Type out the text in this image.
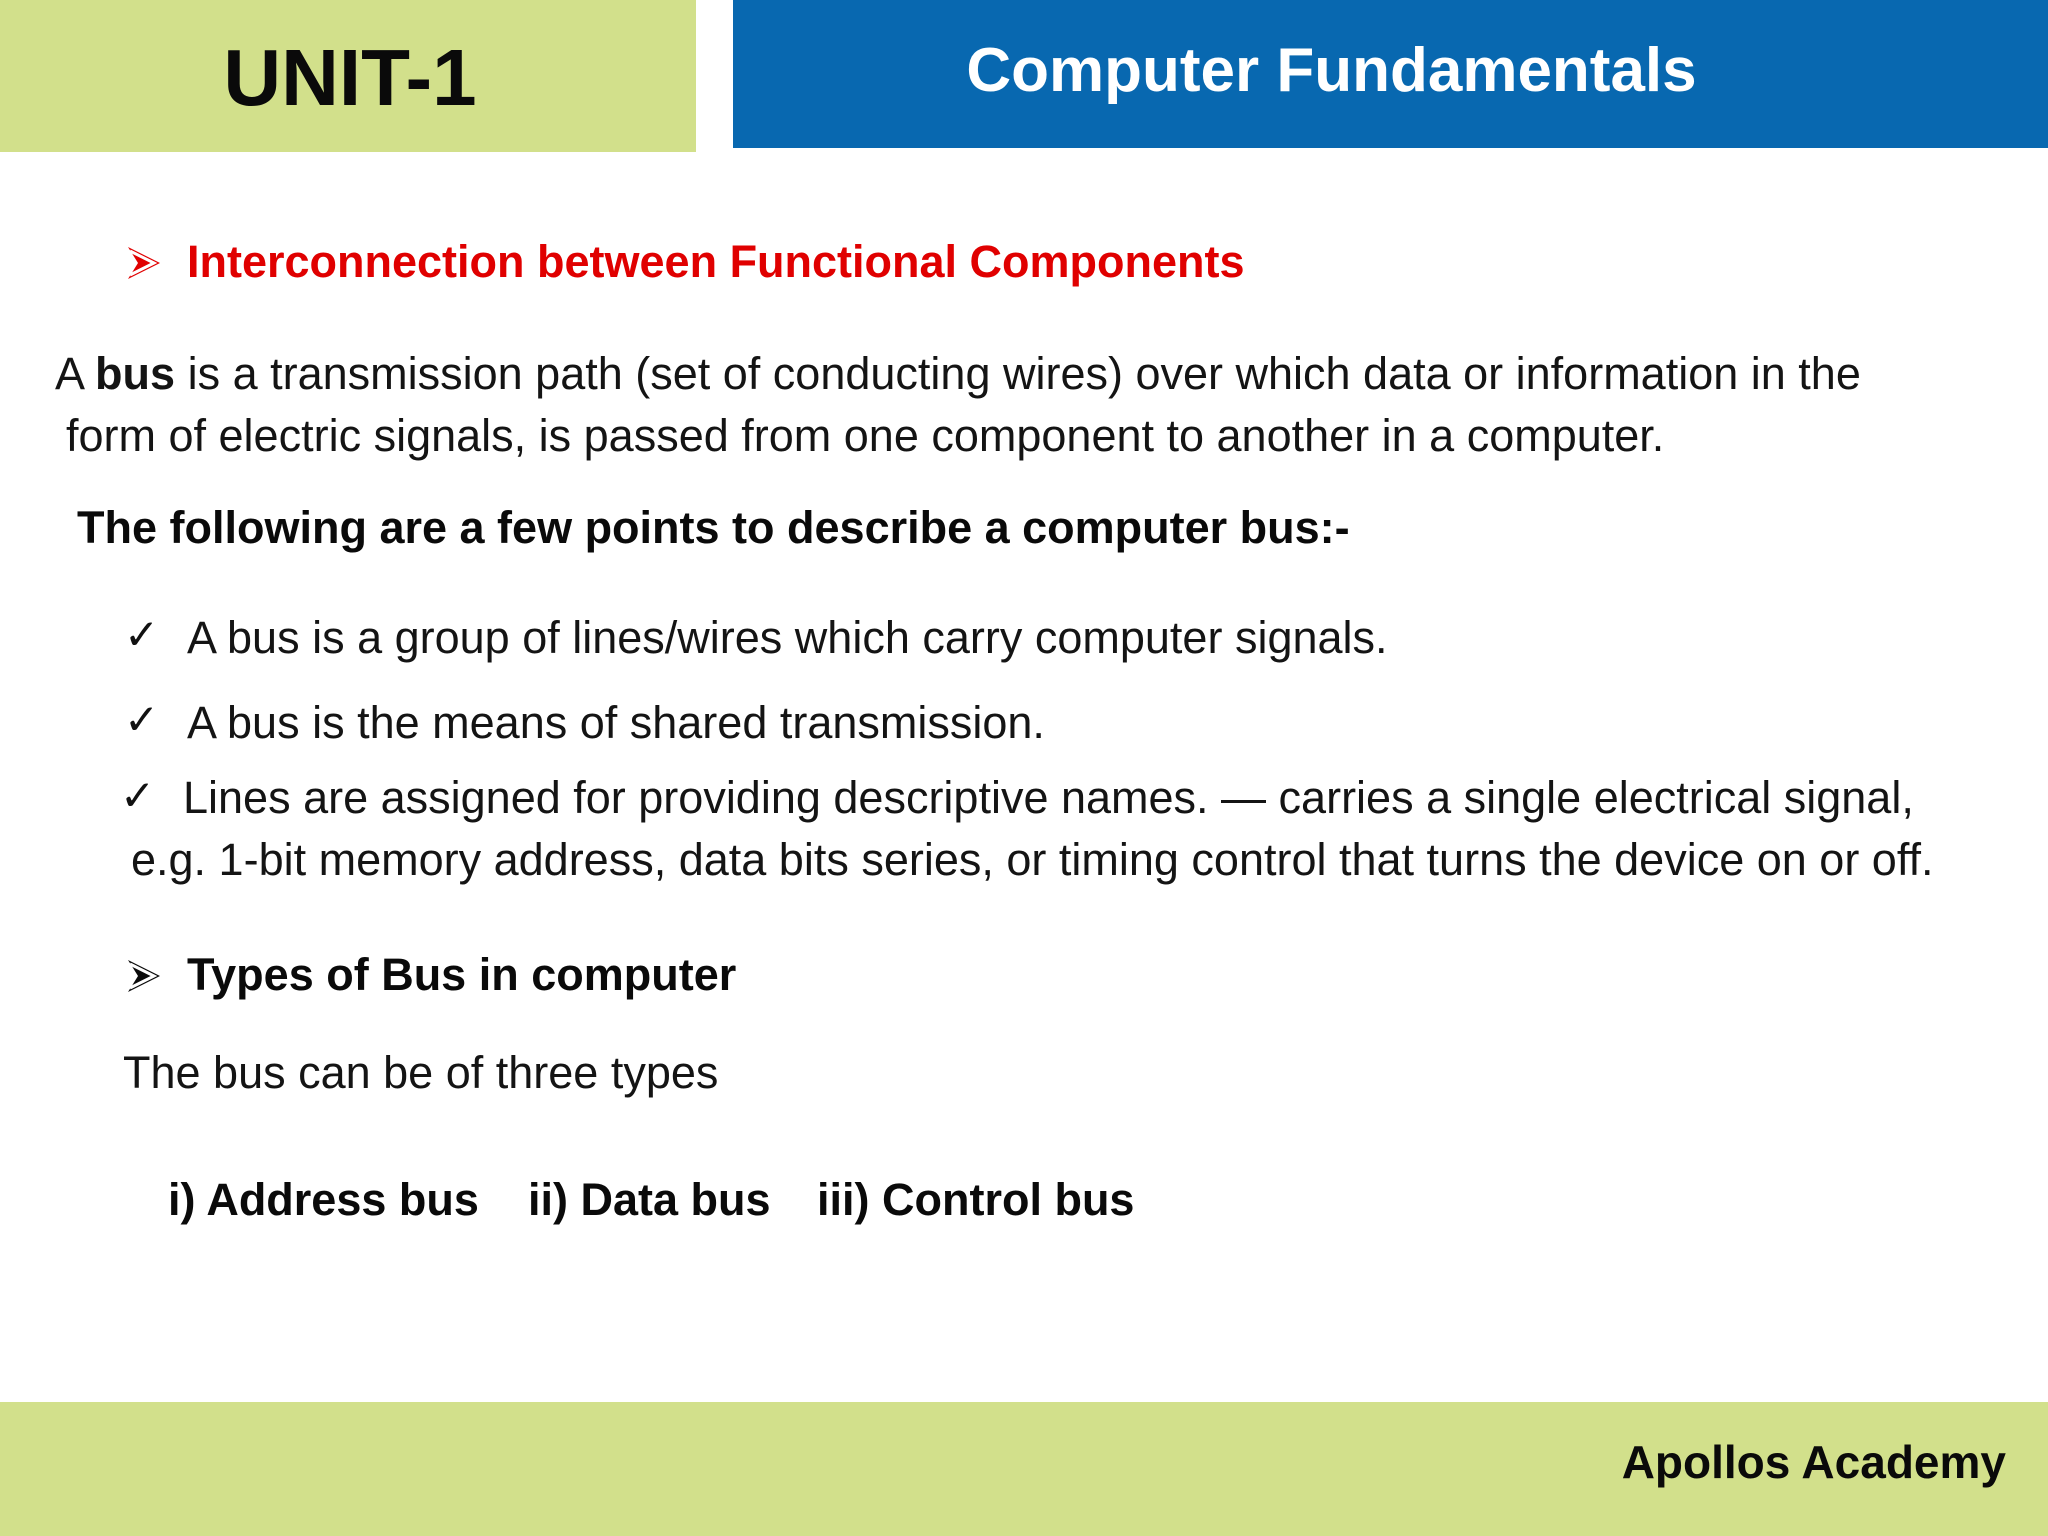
UNIT-1	Computer Fundamentals
Interconnection between Functional Components
A bus is a transmission path (set of conducting wires) over which data or information in the
form of electric signals, is passed from one component to another in a computer.
The following are a few points to describe a computer bus:-
✓ A bus is a group of lines/wires which carry computer signals.
✓ A bus is the means of shared transmission.
✓ Lines are assigned for providing descriptive names. — carries a single electrical signal,
e.g. 1-bit memory address, data bits series, or timing control that turns the device on or off.
Types of Bus in computer
The bus can be of three types
i) Address bus ii) Data bus iii) Control bus
Apollos Academy
